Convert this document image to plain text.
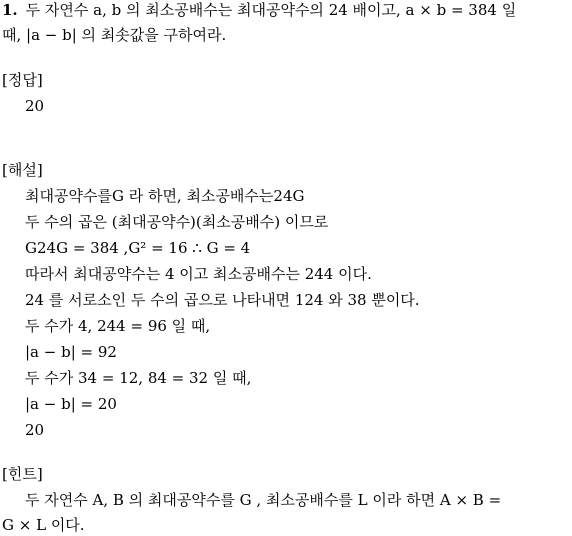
1. 두 자연수 a, b 의 최소공배수는 최대공약수의 24 배이고, a × b = 384 일
때, |a − b| 의 최솟값을 구하여라.
[정답]
20
[해설]
최대공약수를G 라 하면, 최소공배수는24G
두 수의 곱은 (최대공약수)(최소공배수) 이므로
G24G = 384 ,G² = 16 ∴ G = 4
따라서 최대공약수는 4 이고 최소공배수는 244 이다.
24 를 서로소인 두 수의 곱으로 나타내면 124 와 38 뿐이다.
두 수가 4, 244 = 96 일 때,
|a − b| = 92
두 수가 34 = 12, 84 = 32 일 때,
|a − b| = 20
20
[힌트]
두 자연수 A, B 의 최대공약수를 G , 최소공배수를 L 이라 하면 A × B =
G × L 이다.
